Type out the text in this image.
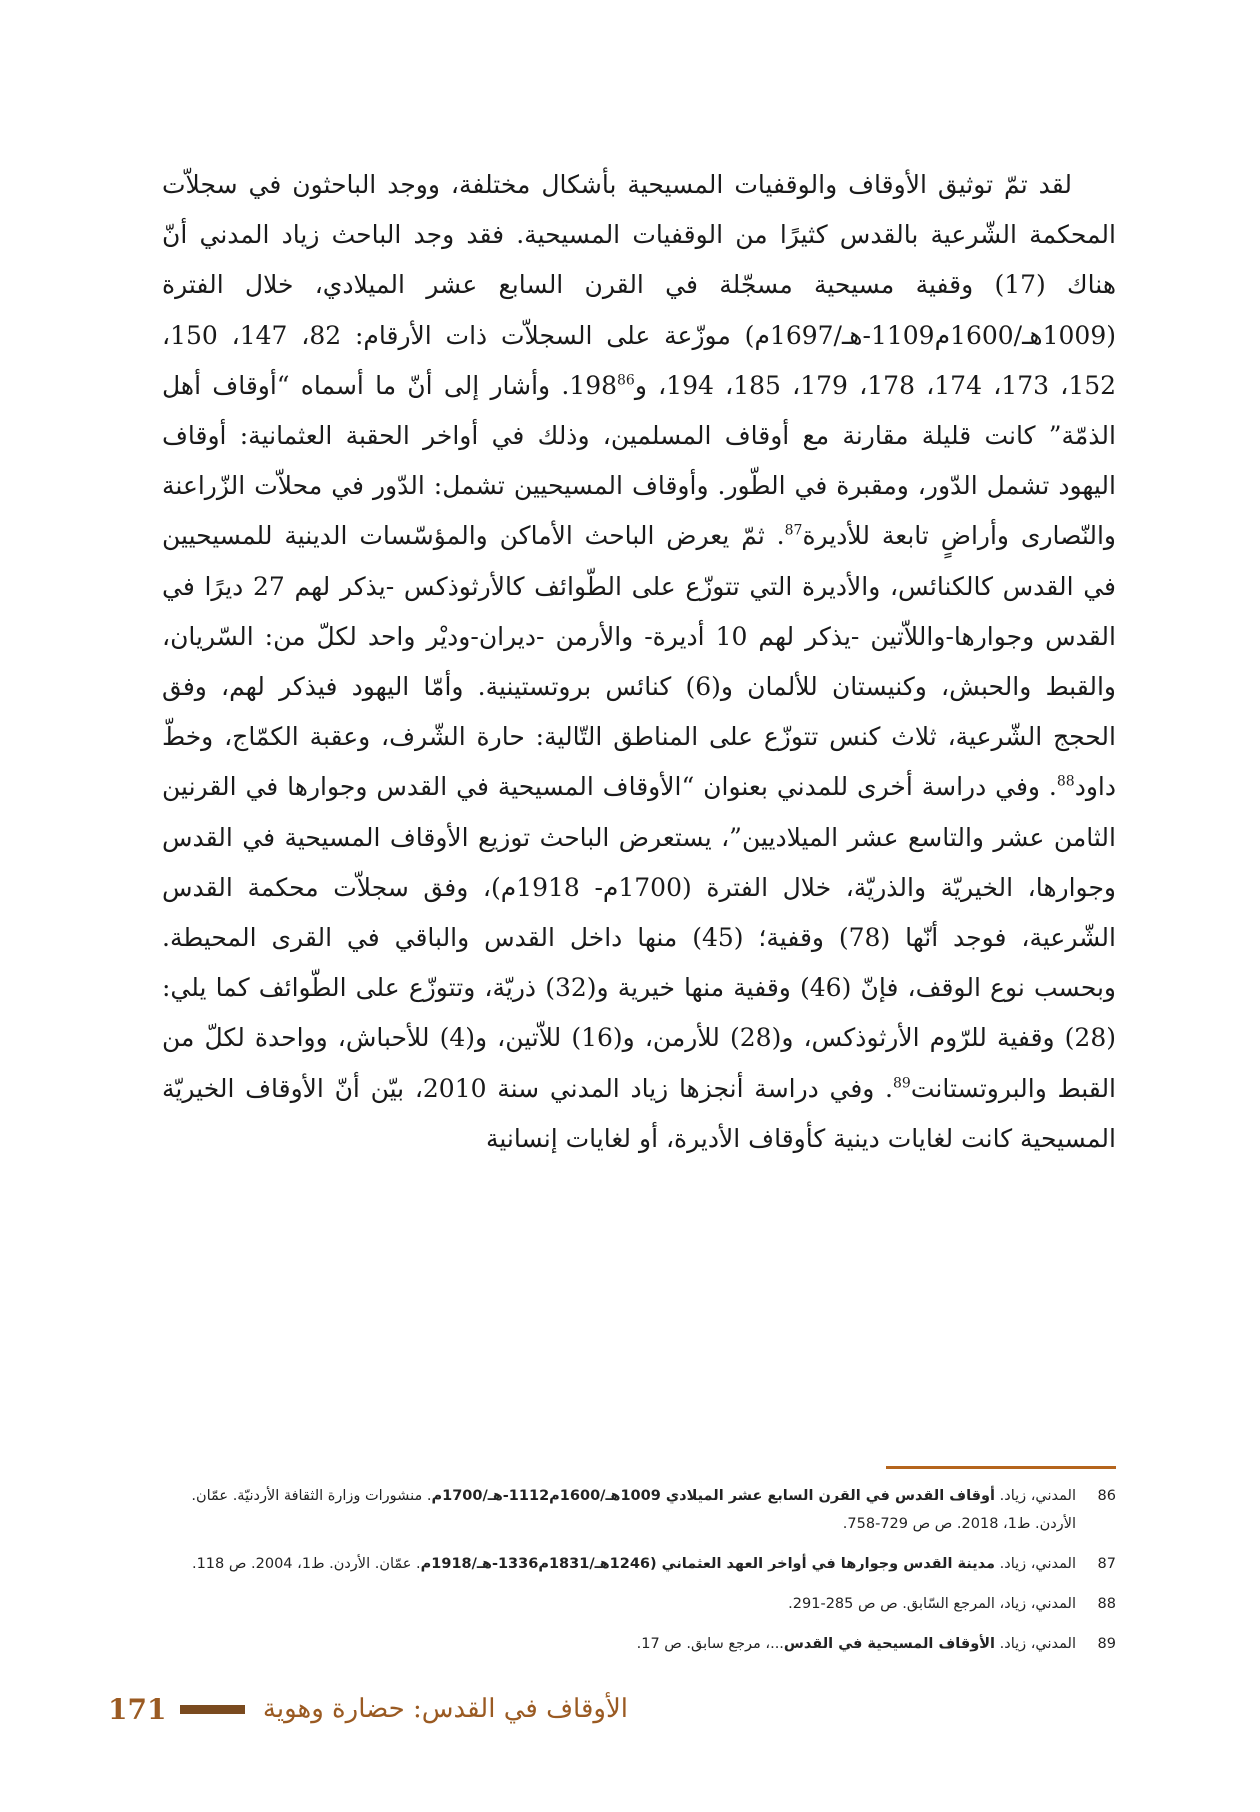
لقد تمّ توثيق الأوقاف والوقفيات المسيحية بأشكال مختلفة، ووجد الباحثون في سجلاّت المحكمة الشّرعية بالقدس كثيرًا من الوقفيات المسيحية. فقد وجد الباحث زياد المدني أنّ هناك (17) وقفية مسيحية مسجّلة في القرن السابع عشر الميلادي، خلال الفترة (1009هـ/1600م1109-هـ/1697م) موزّعة على السجلاّت ذات الأرقام: 82، 147، 150، 152، 173، 174، 178، 179، 185، 194، $و198^{86}$. وأشار إلى أنّ ما أسماه “أوقاف أهل الذمّة” كانت قليلة مقارنة مع أوقاف المسلمين، وذلك في أواخر الحقبة العثمانية: أوقاف اليهود تشمل الدّور، ومقبرة في الطّور. وأوقاف المسيحيين تشمل: الدّور في محلاّت الزّراعنة والنّصارى وأراضٍ تابعة للأديرة$^{87}$. ثمّ يعرض الباحث الأماكن والمؤسّسات الدينية للمسيحيين في القدس كالكنائس، والأديرة التي تتوزّع على الطّوائف كالأرثوذكس -يذكر لهم 27 ديرًا في القدس وجوارها-واللاّتين -يذكر لهم 10 أديرة- والأرمن -ديران-وديْر واحد لكلّ من: السّريان، والقبط والحبش، وكنيستان للألمان و(6) كنائس بروتستينية. وأمّا اليهود فيذكر لهم، وفق الحجج الشّرعية، ثلاث كنس تتوزّع على المناطق التّالية: حارة الشّرف، وعقبة الكمّاج، وخطّ داود$^{88}$. وفي دراسة أخرى للمدني بعنوان “الأوقاف المسيحية في القدس وجوارها في القرنين الثامن عشر والتاسع عشر الميلاديين”، يستعرض الباحث توزيع الأوقاف المسيحية في القدس وجوارها، الخيريّة والذريّة، خلال الفترة (1700م- 1918م)، وفق سجلاّت محكمة القدس الشّرعية، فوجد أنّها (78) وقفية؛ (45) منها داخل القدس والباقي في القرى المحيطة. وبحسب نوع الوقف، فإنّ (46) وقفية منها خيرية و(32) ذريّة، وتتوزّع على الطّوائف كما يلي: (28) وقفية للرّوم الأرثوذكس، و(28) للأرمن، و(16) للاّتين، و(4) للأحباش، وواحدة لكلّ من القبط والبروتستانت$^{89}$. وفي دراسة أنجزها زياد المدني سنة 2010، بيّن أنّ الأوقاف الخيريّة المسيحية كانت لغايات دينية كأوقاف الأديرة، أو لغايات إنسانية

86
المدني، زياد. أوقاف القدس في القرن السابع عشر الميلادي 1009هـ/1600م1112-هـ/1700م. منشورات وزارة الثقافة الأردنيّة. عمّان. الأردن. ط1، 2018. ص ص 729-758.
87
المدني، زياد. مدينة القدس وجوارها في أواخر العهد العثماني (1246هـ/1831م1336-هـ/1918م. عمّان. الأردن. ط1، 2004. ص 118.
88
المدني، زياد، المرجع السّابق. ص ص 285-291.
89
المدني، زياد. الأوقاف المسيحية في القدس...، مرجع سابق. ص 17.
171	الأوقاف في القدس: حضارة وهوية
